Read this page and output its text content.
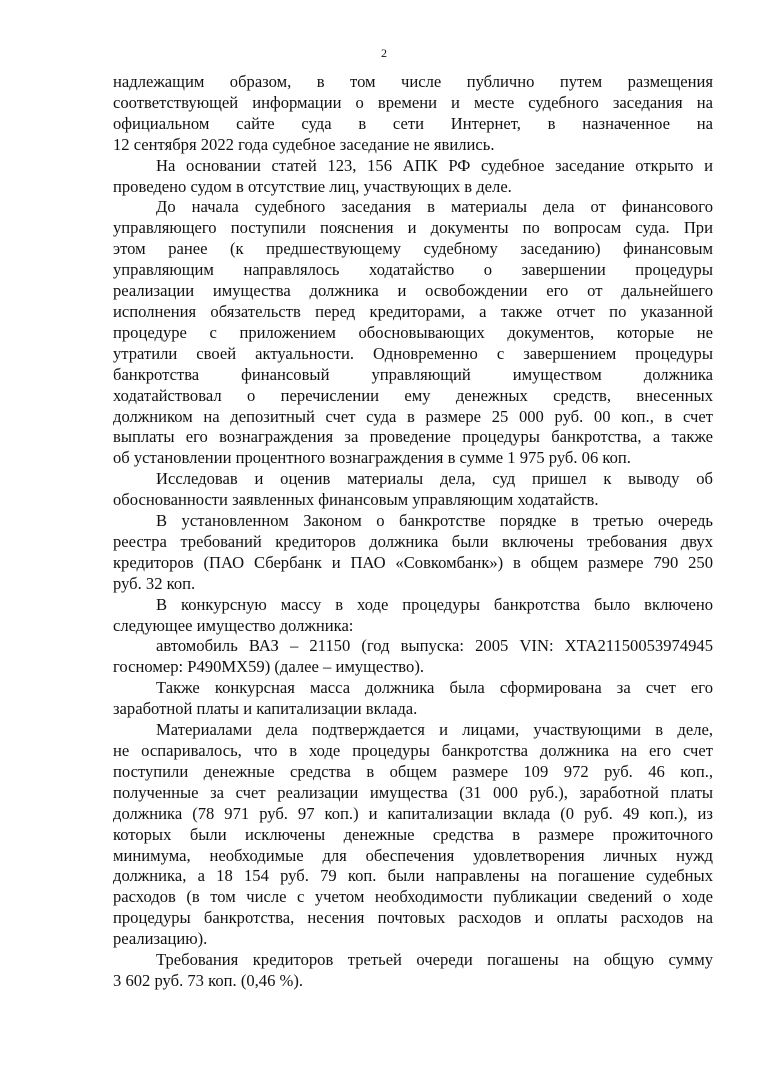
2
надлежащим образом, в том числе публично путем размещения
соответствующей информации о времени и месте судебного заседания на
официальном сайте суда в сети Интернет, в назначенное на
12 сентября 2022 года судебное заседание не явились.
На основании статей 123, 156 АПК РФ судебное заседание открыто и
проведено судом в отсутствие лиц, участвующих в деле.
До начала судебного заседания в материалы дела от финансового
управляющего поступили пояснения и документы по вопросам суда. При
этом ранее (к предшествующему судебному заседанию) финансовым
управляющим направлялось ходатайство о завершении процедуры
реализации имущества должника и освобождении его от дальнейшего
исполнения обязательств перед кредиторами, а также отчет по указанной
процедуре с приложением обосновывающих документов, которые не
утратили своей актуальности. Одновременно с завершением процедуры
банкротства финансовый управляющий имуществом должника
ходатайствовал о перечислении ему денежных средств, внесенных
должником на депозитный счет суда в размере 25 000 руб. 00 коп., в счет
выплаты его вознаграждения за проведение процедуры банкротства, а также
об установлении процентного вознаграждения в сумме 1 975 руб. 06 коп.
Исследовав и оценив материалы дела, суд пришел к выводу об
обоснованности заявленных финансовым управляющим ходатайств.
В установленном Законом о банкротстве порядке в третью очередь
реестра требований кредиторов должника были включены требования двух
кредиторов (ПАО Сбербанк и ПАО «Совкомбанк») в общем размере 790 250
руб. 32 коп.
В конкурсную массу в ходе процедуры банкротства было включено
следующее имущество должника:
автомобиль ВАЗ – 21150 (год выпуска: 2005 VIN: XTA21150053974945
госномер: Р490МХ59) (далее – имущество).
Также конкурсная масса должника была сформирована за счет его
заработной платы и капитализации вклада.
Материалами дела подтверждается и лицами, участвующими в деле,
не оспаривалось, что в ходе процедуры банкротства должника на его счет
поступили денежные средства в общем размере 109 972 руб. 46 коп.,
полученные за счет реализации имущества (31 000 руб.), заработной платы
должника (78 971 руб. 97 коп.) и капитализации вклада (0 руб. 49 коп.), из
которых были исключены денежные средства в размере прожиточного
минимума, необходимые для обеспечения удовлетворения личных нужд
должника, а 18 154 руб. 79 коп. были направлены на погашение судебных
расходов (в том числе с учетом необходимости публикации сведений о ходе
процедуры банкротства, несения почтовых расходов и оплаты расходов на
реализацию).
Требования кредиторов третьей очереди погашены на общую сумму
3 602 руб. 73 коп. (0,46 %).
